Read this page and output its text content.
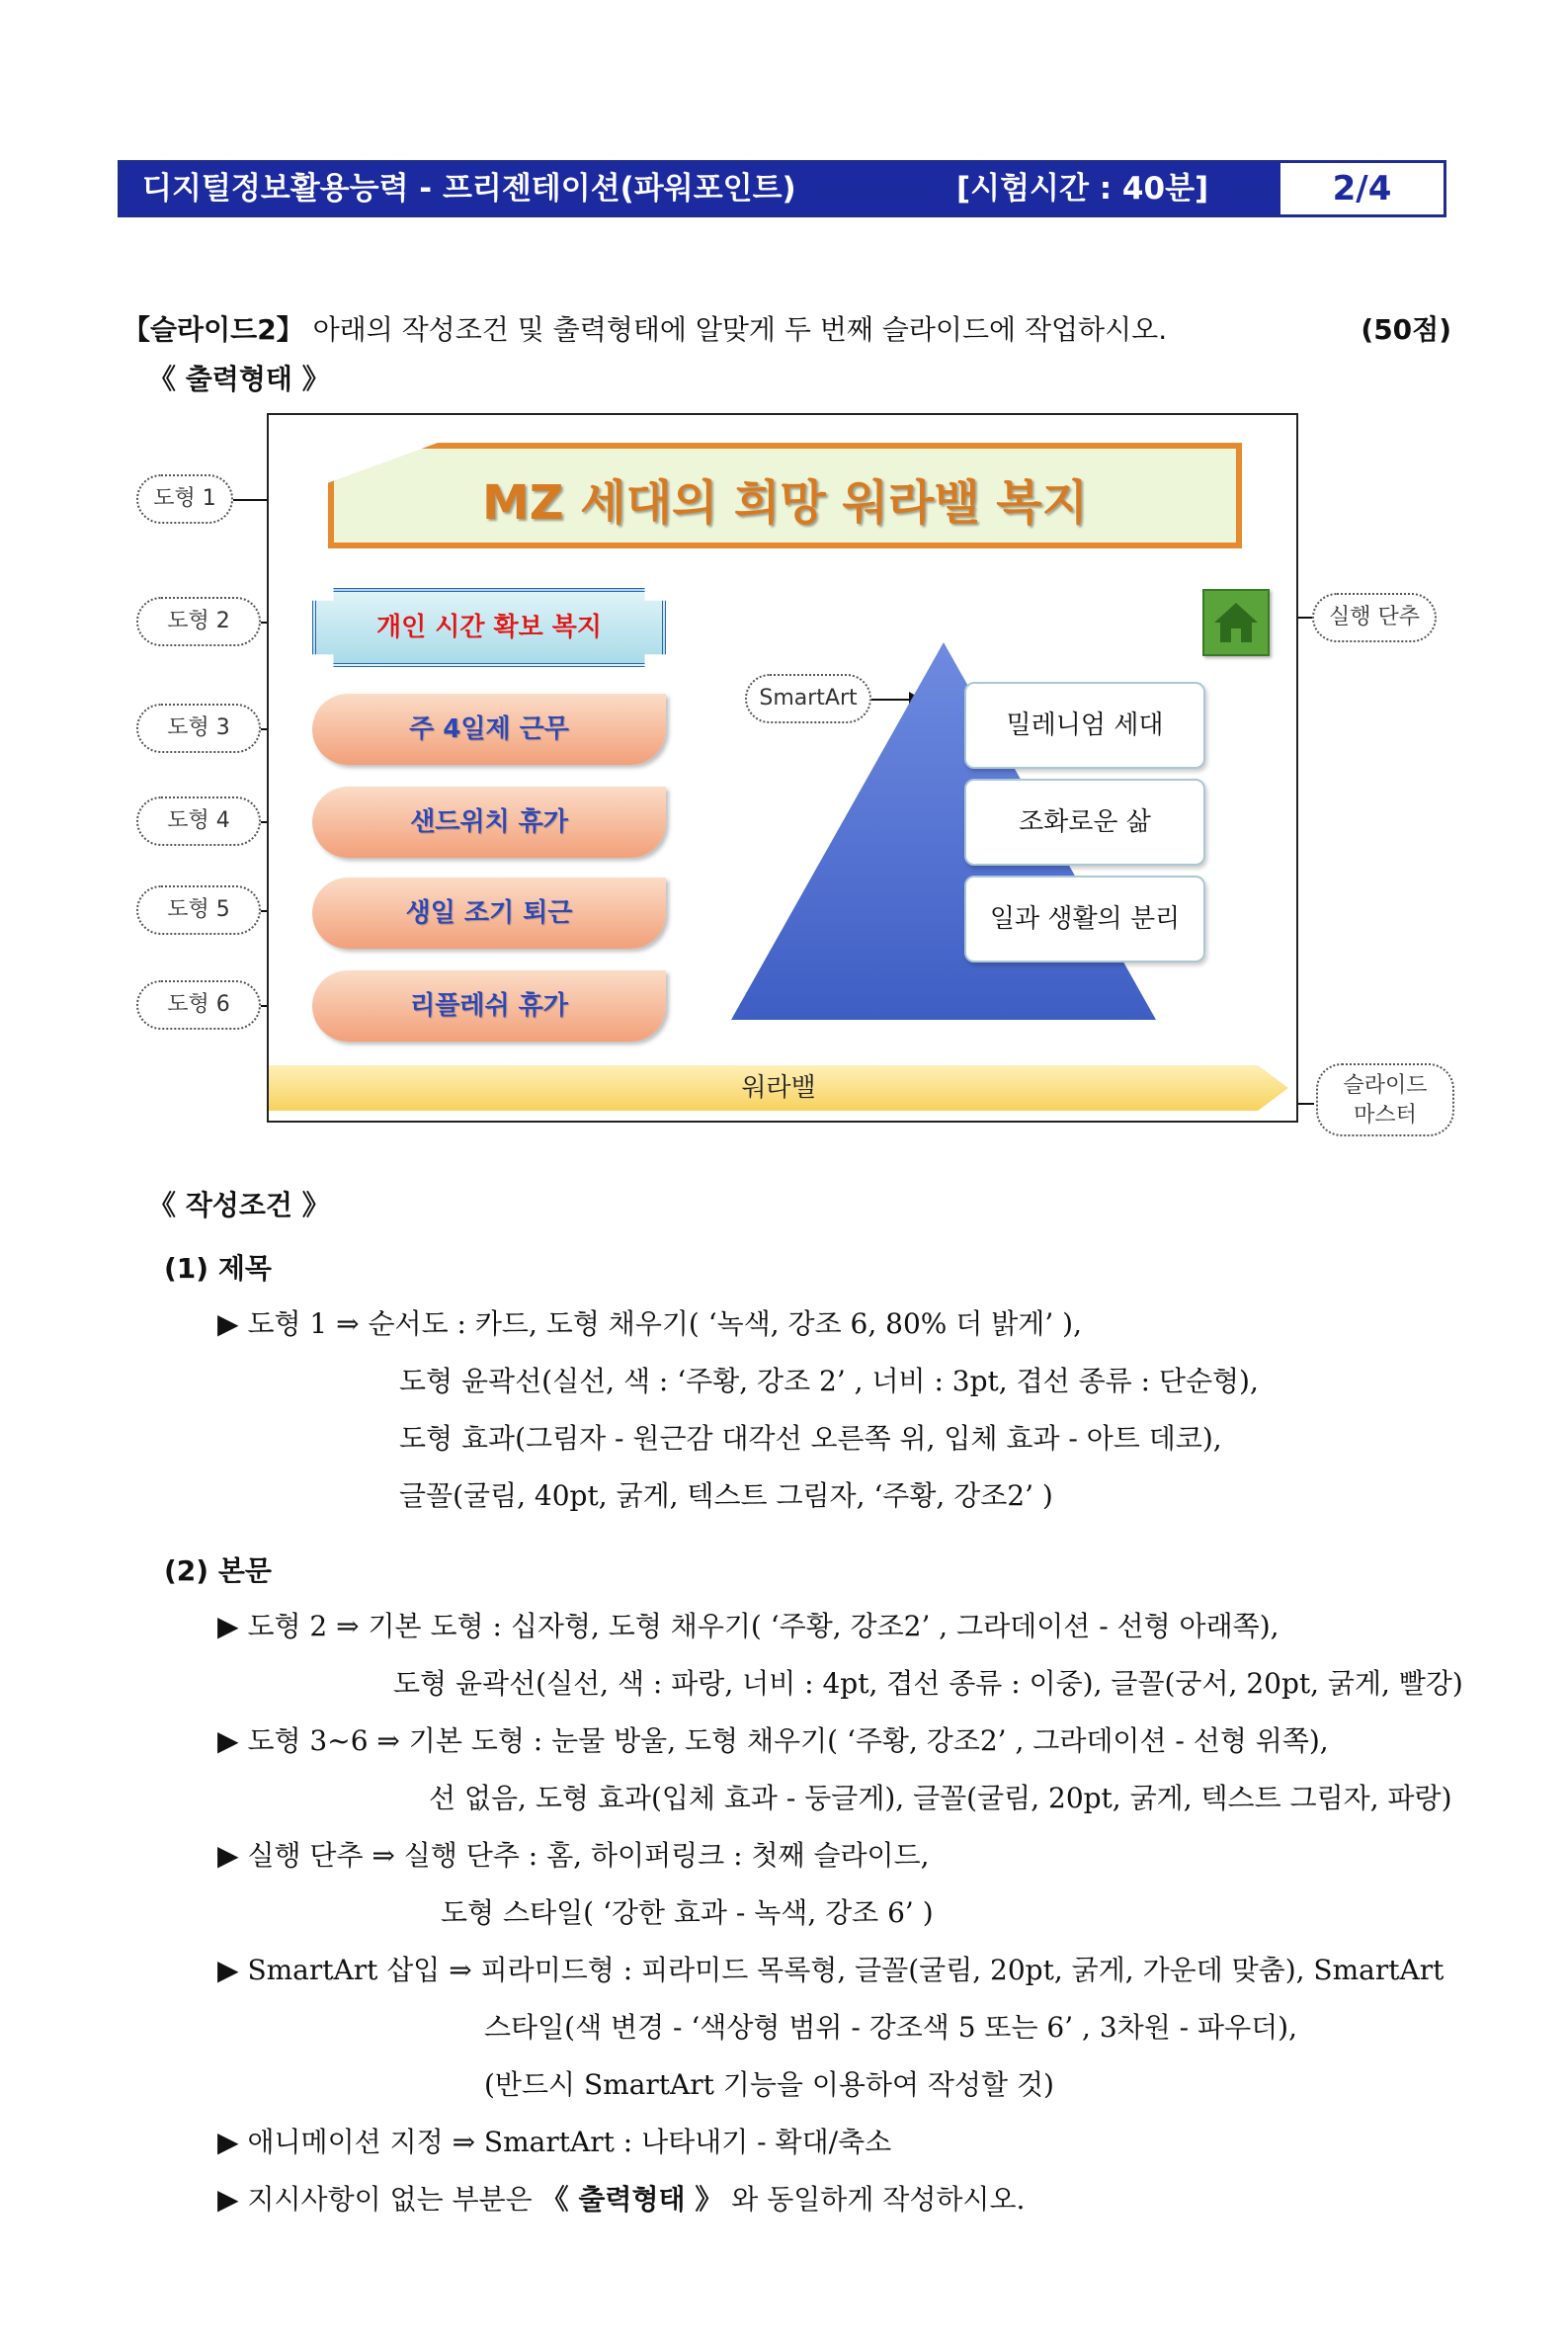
디지털정보활용능력 - 프리젠테이션(파워포인트)	[시험시간 : 40분]	2/4
【슬라이드2】 아래의 작성조건 및 출력형태에 알맞게 두 번째 슬라이드에 작업하시오.	(50점)
《 출력형태 》
도형 1
도형 2
도형 3
도형 4
도형 5
도형 6
실행 단추
슬라이드
마스터
MZ 세대의 희망 워라밸 복지
개인 시간 확보 복지
주 4일제 근무
샌드위치 휴가
생일 조기 퇴근
리플레쉬 휴가
SmartArt
밀레니엄 세대
조화로운 삶
일과 생활의 분리
워라밸
《 작성조건 》
(1) 제목
▶ 도형 1 ⇒ 순서도 : 카드, 도형 채우기( ‘녹색, 강조 6, 80% 더 밝게’ ),
도형 윤곽선(실선, 색 : ‘주황, 강조 2’ , 너비 : 3pt, 겹선 종류 : 단순형),
도형 효과(그림자 - 원근감 대각선 오른쪽 위, 입체 효과 - 아트 데코),
글꼴(굴림, 40pt, 굵게, 텍스트 그림자, ‘주황, 강조2’ )
(2) 본문
▶ 도형 2 ⇒ 기본 도형 : 십자형, 도형 채우기( ‘주황, 강조2’ , 그라데이션 - 선형 아래쪽),
도형 윤곽선(실선, 색 : 파랑, 너비 : 4pt, 겹선 종류 : 이중), 글꼴(궁서, 20pt, 굵게, 빨강)
▶ 도형 3~6 ⇒ 기본 도형 : 눈물 방울, 도형 채우기( ‘주황, 강조2’ , 그라데이션 - 선형 위쪽),
선 없음, 도형 효과(입체 효과 - 둥글게), 글꼴(굴림, 20pt, 굵게, 텍스트 그림자, 파랑)
▶ 실행 단추 ⇒ 실행 단추 : 홈, 하이퍼링크 : 첫째 슬라이드,
도형 스타일( ‘강한 효과 - 녹색, 강조 6’ )
▶ SmartArt 삽입 ⇒ 피라미드형 : 피라미드 목록형, 글꼴(굴림, 20pt, 굵게, 가운데 맞춤), SmartArt
스타일(색 변경 - ‘색상형 범위 - 강조색 5 또는 6’ , 3차원 - 파우더),
(반드시 SmartArt 기능을 이용하여 작성할 것)
▶ 애니메이션 지정 ⇒ SmartArt : 나타내기 - 확대/축소
▶ 지시사항이 없는 부분은 《 출력형태 》 와 동일하게 작성하시오.
